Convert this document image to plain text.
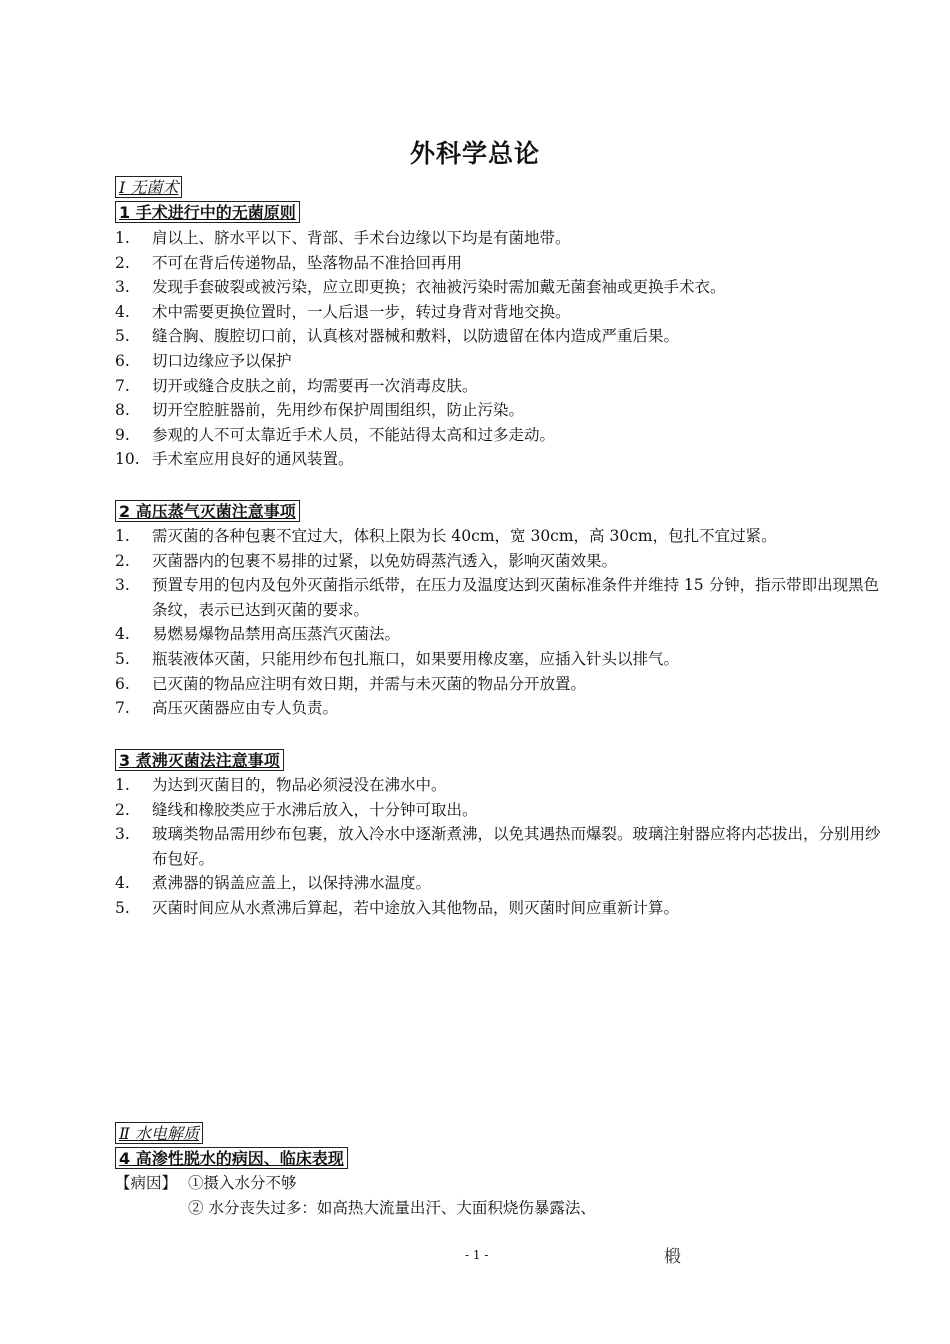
外科学总论
Ⅰ 无菌术
1 手术进行中的无菌原则
1. 肩以上、脐水平以下、背部、手术台边缘以下均是有菌地带。
2. 不可在背后传递物品，坠落物品不准拾回再用
3. 发现手套破裂或被污染，应立即更换；衣袖被污染时需加戴无菌套袖或更换手术衣。
4. 术中需要更换位置时，一人后退一步，转过身背对背地交换。
5. 缝合胸、腹腔切口前，认真核对器械和敷料，以防遗留在体内造成严重后果。
6. 切口边缘应予以保护
7. 切开或缝合皮肤之前，均需要再一次消毒皮肤。
8. 切开空腔脏器前，先用纱布保护周围组织，防止污染。
9. 参观的人不可太靠近手术人员，不能站得太高和过多走动。
10. 手术室应用良好的通风装置。
2 高压蒸气灭菌注意事项
1. 需灭菌的各种包裹不宜过大，体积上限为长 40cm，宽 30cm，高 30cm，包扎不宜过紧。
2. 灭菌器内的包裹不易排的过紧，以免妨碍蒸汽透入，影响灭菌效果。
3. 预置专用的包内及包外灭菌指示纸带，在压力及温度达到灭菌标准条件并维持 15 分钟，指示带即出现黑色条纹，表示已达到灭菌的要求。
4. 易燃易爆物品禁用高压蒸汽灭菌法。
5. 瓶装液体灭菌，只能用纱布包扎瓶口，如果要用橡皮塞，应插入针头以排气。
6. 已灭菌的物品应注明有效日期，并需与未灭菌的物品分开放置。
7. 高压灭菌器应由专人负责。
3 煮沸灭菌法注意事项
1. 为达到灭菌目的，物品必须浸没在沸水中。
2. 缝线和橡胶类应于水沸后放入，十分钟可取出。
3. 玻璃类物品需用纱布包裹，放入冷水中逐渐煮沸，以免其遇热而爆裂。玻璃注射器应将内芯拔出，分别用纱布包好。
4. 煮沸器的锅盖应盖上，以保持沸水温度。
5. 灭菌时间应从水煮沸后算起，若中途放入其他物品，则灭菌时间应重新计算。
Ⅱ 水电解质
4 高渗性脱水的病因、临床表现
【病因】 ①摄入水分不够
② 水分丧失过多：如高热大流量出汗、大面积烧伤暴露法、
- 1 -	椴
